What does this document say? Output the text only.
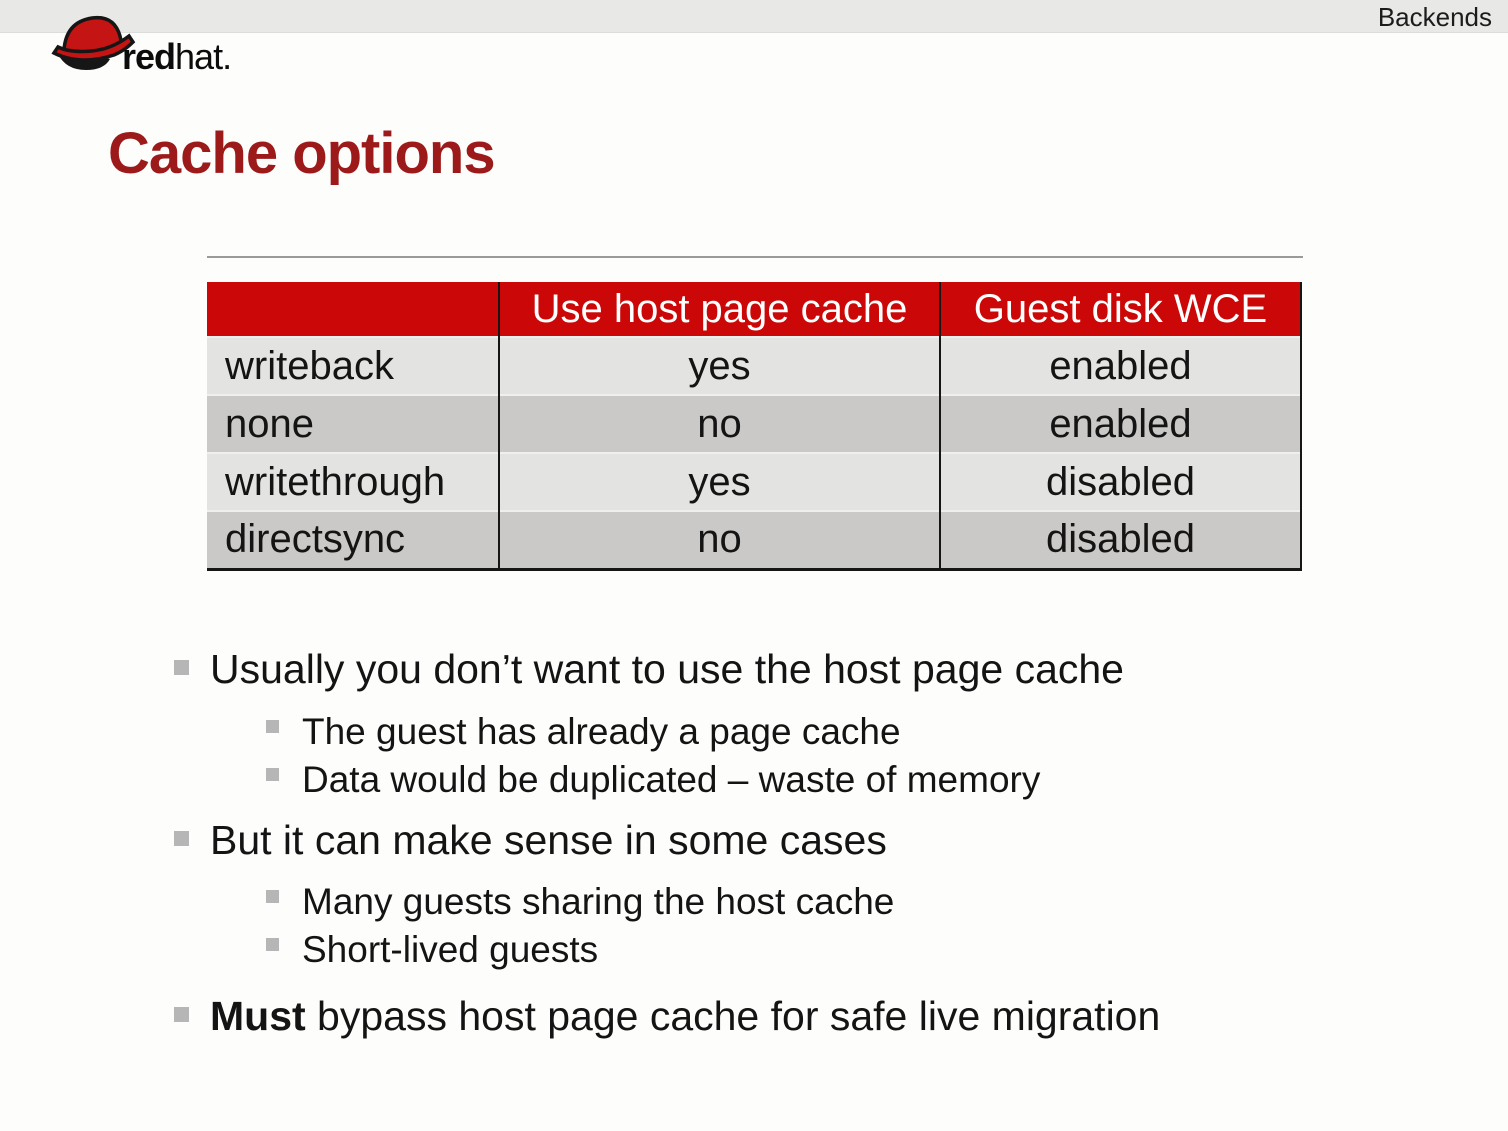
Backends
redhat.
Cache options
	Use host page cache	Guest disk WCE
writeback	yes	enabled
none	no	enabled
writethrough	yes	disabled
directsync	no	disabled
Usually you don’t want to use the host page cache
The guest has already a page cache
Data would be duplicated – waste of memory
But it can make sense in some cases
Many guests sharing the host cache
Short-lived guests
Must bypass host page cache for safe live migration
